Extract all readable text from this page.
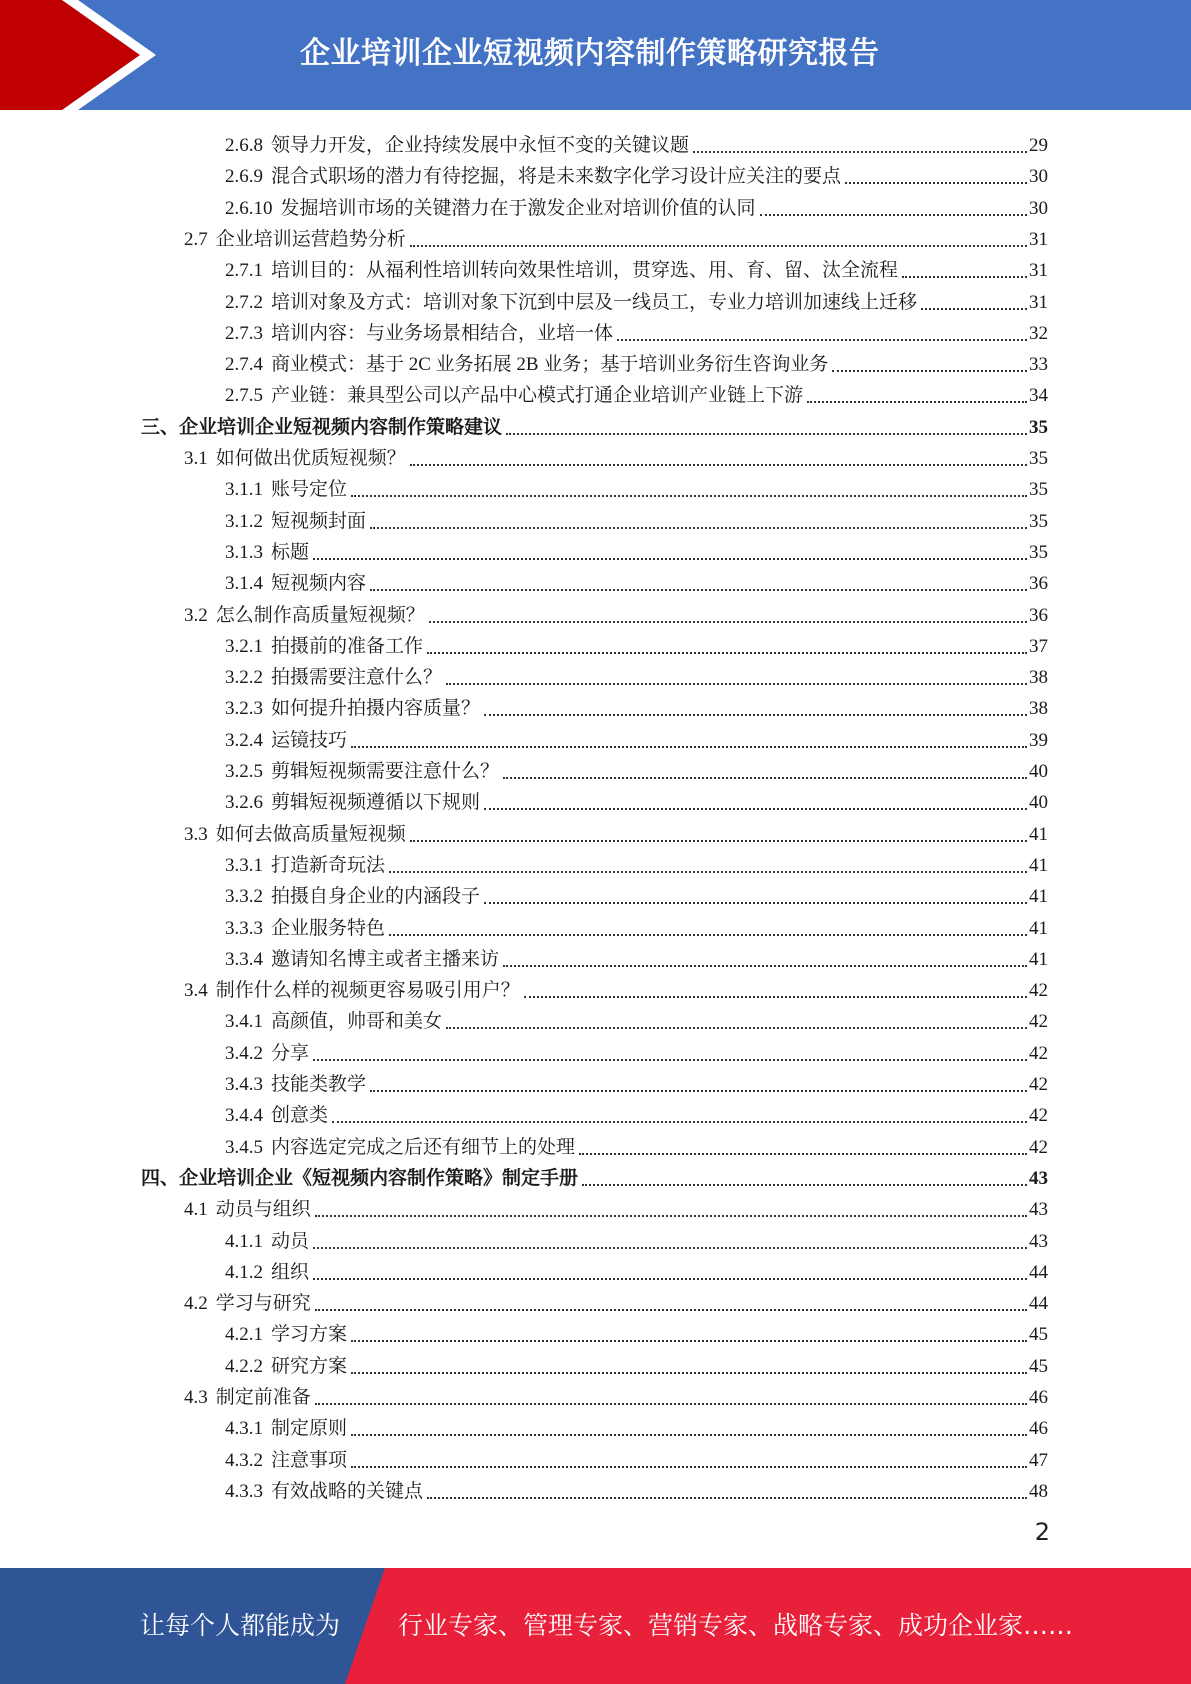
企业培训企业短视频内容制作策略研究报告
2.6.8 领导力开发，企业持续发展中永恒不变的关键议题	29
2.6.9 混合式职场的潜力有待挖掘，将是未来数字化学习设计应关注的要点	30
2.6.10 发掘培训市场的关键潜力在于激发企业对培训价值的认同	30
2.7 企业培训运营趋势分析	31
2.7.1 培训目的：从福利性培训转向效果性培训，贯穿选、用、育、留、汰全流程	31
2.7.2 培训对象及方式：培训对象下沉到中层及一线员工，专业力培训加速线上迁移	31
2.7.3 培训内容：与业务场景相结合，业培一体	32
2.7.4 商业模式：基于 2C 业务拓展 2B 业务；基于培训业务衍生咨询业务	33
2.7.5 产业链：兼具型公司以产品中心模式打通企业培训产业链上下游	34
三、 企业培训企业短视频内容制作策略建议	35
3.1 如何做出优质短视频？	35
3.1.1 账号定位	35
3.1.2 短视频封面	35
3.1.3 标题	35
3.1.4 短视频内容	36
3.2 怎么制作高质量短视频？	36
3.2.1 拍摄前的准备工作	37
3.2.2 拍摄需要注意什么？	38
3.2.3 如何提升拍摄内容质量？	38
3.2.4 运镜技巧	39
3.2.5 剪辑短视频需要注意什么？	40
3.2.6 剪辑短视频遵循以下规则	40
3.3 如何去做高质量短视频	41
3.3.1 打造新奇玩法	41
3.3.2 拍摄自身企业的内涵段子	41
3.3.3 企业服务特色	41
3.3.4 邀请知名博主或者主播来访	41
3.4 制作什么样的视频更容易吸引用户？	42
3.4.1 高颜值，帅哥和美女	42
3.4.2 分享	42
3.4.3 技能类教学	42
3.4.4 创意类	42
3.4.5 内容选定完成之后还有细节上的处理	42
四、 企业培训企业《短视频内容制作策略》制定手册	43
4.1 动员与组织	43
4.1.1 动员	43
4.1.2 组织	44
4.2 学习与研究	44
4.2.1 学习方案	45
4.2.2 研究方案	45
4.3 制定前准备	46
4.3.1 制定原则	46
4.3.2 注意事项	47
4.3.3 有效战略的关键点	48
2
让每个人都能成为 行业专家、管理专家、营销专家、战略专家、成功企业家……
